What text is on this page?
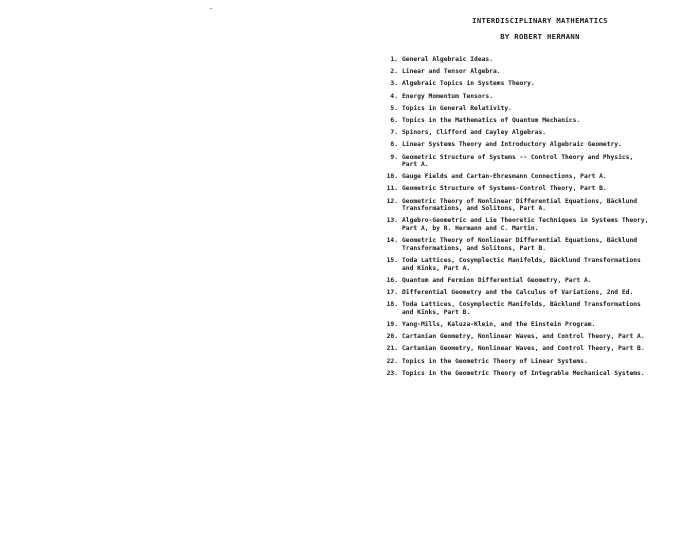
INTERDISCIPLINARY MATHEMATICS
BY ROBERT HERMANN
1. General Algebraic Ideas.
2. Linear and Tensor Algebra.
3. Algebraic Topics in Systems Theory.
4. Energy Momentum Tensors.
5. Topics in General Relativity.
6. Topics in the Mathematics of Quantum Mechanics.
7. Spinors, Clifford and Cayley Algebras.
8. Linear Systems Theory and Introductory Algebraic Geometry.
9. Geometric Structure of Systems -- Control Theory and Physics,
Part A.
10. Gauge Fields and Cartan-Ehresmann Connections, Part A.
11. Geometric Structure of Systems-Control Theory, Part B.
12. Geometric Theory of Nonlinear Differential Equations, Bäcklund
Transformations, and Solitons, Part A.
13. Algebro-Geometric and Lie Theoretic Techniques in Systems Theory,
Part A, by R. Hermann and C. Martin.
14. Geometric Theory of Nonlinear Differential Equations, Bäcklund
Transformations, and Solitons, Part B.
15. Toda Lattices, Cosymplectic Manifolds, Bäcklund Transformations
and Kinks, Part A.
16. Quantum and Fermion Differential Geometry, Part A.
17. Differential Geometry and the Calculus of Variations, 2nd Ed.
18. Toda Lattices, Cosymplectic Manifolds, Bäcklund Transformations
and Kinks, Part B.
19. Yang-Mills, Kaluza-Klein, and the Einstein Program.
20. Cartanian Geometry, Nonlinear Waves, and Control Theory, Part A.
21. Cartanian Geometry, Nonlinear Waves, and Control Theory, Part B.
22. Topics in the Geometric Theory of Linear Systems.
23. Topics in the Geometric Theory of Integrable Mechanical Systems.
